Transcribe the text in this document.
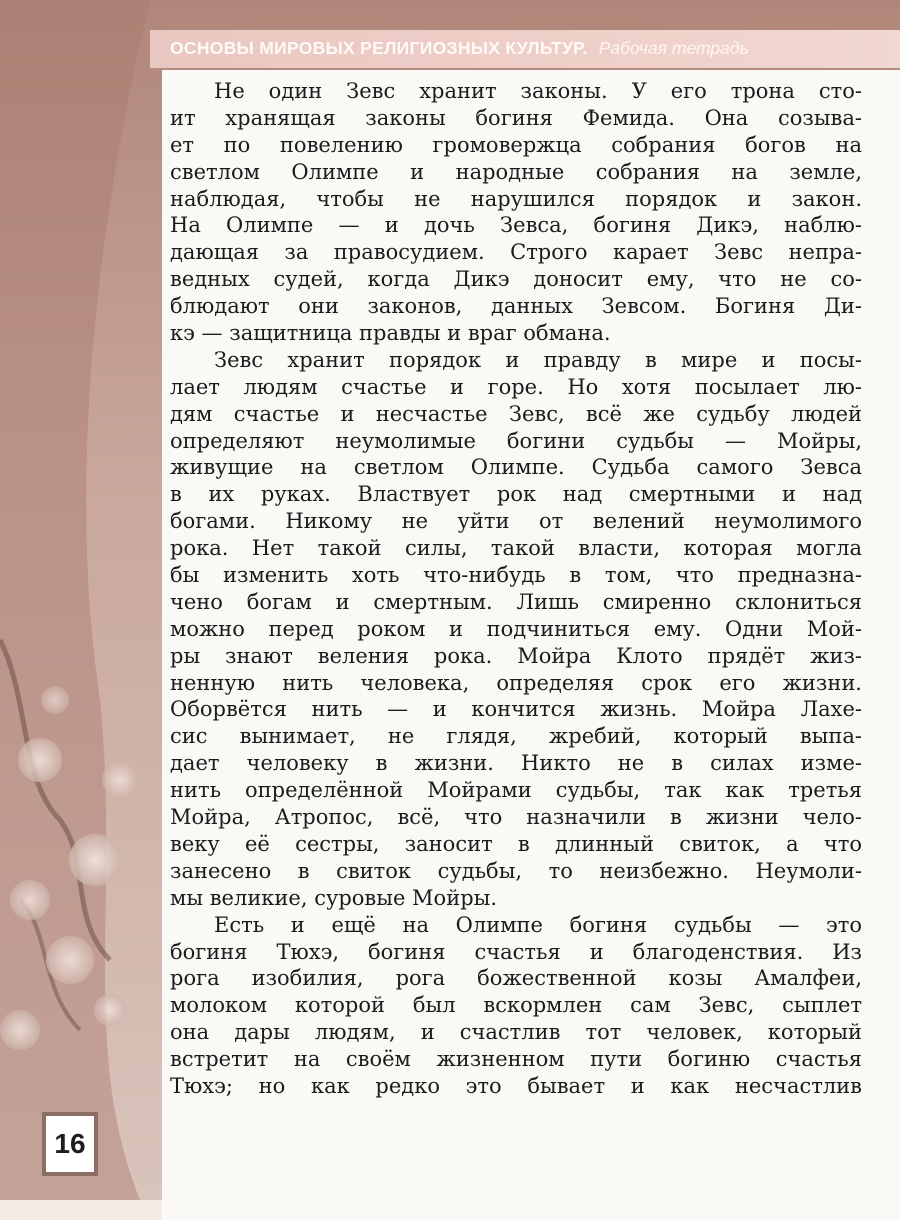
ОСНОВЫ МИРОВЫХ РЕЛИГИОЗНЫХ КУЛЬТУР. Рабочая тетрадь
Не один Зевс хранит законы. У его трона сто-
ит хранящая законы богиня Фемида. Она созыва-
ет по повелению громовержца собрания богов на
светлом Олимпе и народные собрания на земле,
наблюдая, чтобы не нарушился порядок и закон.
На Олимпе — и дочь Зевса, богиня Дикэ, наблю-
дающая за правосудием. Строго карает Зевс непра-
ведных судей, когда Дикэ доносит ему, что не со-
блюдают они законов, данных Зевсом. Богиня Ди-
кэ — защитница правды и враг обмана.
Зевс хранит порядок и правду в мире и посы-
лает людям счастье и горе. Но хотя посылает лю-
дям счастье и несчастье Зевс, всё же судьбу людей
определяют неумолимые богини судьбы — Мойры,
живущие на светлом Олимпе. Судьба самого Зевса
в их руках. Властвует рок над смертными и над
богами. Никому не уйти от велений неумолимого
рока. Нет такой силы, такой власти, которая могла
бы изменить хоть что-нибудь в том, что предназна-
чено богам и смертным. Лишь смиренно склониться
можно перед роком и подчиниться ему. Одни Мой-
ры знают веления рока. Мойра Клото прядёт жиз-
ненную нить человека, определяя срок его жизни.
Оборвётся нить — и кончится жизнь. Мойра Лахе-
сис вынимает, не глядя, жребий, который выпа-
дает человеку в жизни. Никто не в силах изме-
нить определённой Мойрами судьбы, так как третья
Мойра, Атропос, всё, что назначили в жизни чело-
веку её сестры, заносит в длинный свиток, а что
занесено в свиток судьбы, то неизбежно. Неумоли-
мы великие, суровые Мойры.
Есть и ещё на Олимпе богиня судьбы — это
богиня Тюхэ, богиня счастья и благоденствия. Из
рога изобилия, рога божественной козы Амалфеи,
молоком которой был вскормлен сам Зевс, сыплет
она дары людям, и счастлив тот человек, который
встретит на своём жизненном пути богиню счастья
Тюхэ; но как редко это бывает и как несчастлив
16
